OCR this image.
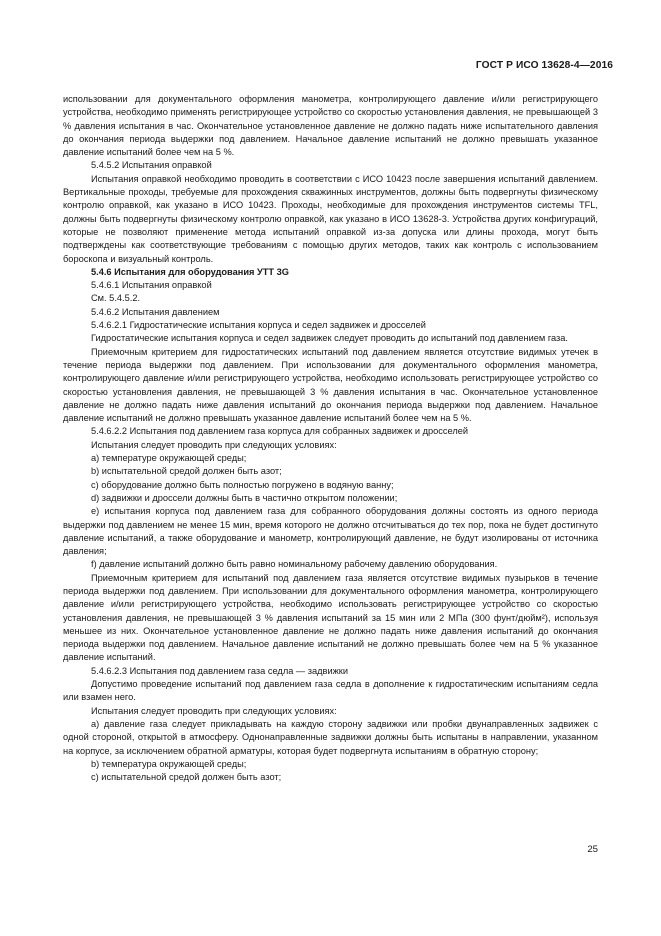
ГОСТ Р ИСО 13628-4—2016

использовании для документального оформления манометра, контролирующего давление и/или регистрирующего устройства, необходимо применять регистрирующее устройство со скоростью установления давления, не превышающей 3 % давления испытания в час. Окончательное установленное давление не должно падать ниже испытательного давления до окончания периода выдержки под давлением. Начальное давление испытаний не должно превышать указанное давление испытаний более чем на 5 %.

5.4.5.2 Испытания оправкой

Испытания оправкой необходимо проводить в соответствии с ИСО 10423 после завершения испытаний давлением. Вертикальные проходы, требуемые для прохождения скважинных инструментов, должны быть подвергнуты физическому контролю оправкой, как указано в ИСО 10423. Проходы, необходимые для прохождения инструментов системы TFL, должны быть подвергнуты физическому контролю оправкой, как указано в ИСО 13628-3. Устройства других конфигураций, которые не позволяют применение метода испытаний оправкой из-за допуска или длины прохода, могут быть подтверждены как соответствующие требованиям с помощью других методов, таких как контроль с использованием бороскопа и визуальный контроль.

5.4.6 Испытания для оборудования УТТ 3G

5.4.6.1 Испытания оправкой

См. 5.4.5.2.

5.4.6.2 Испытания давлением

5.4.6.2.1 Гидростатические испытания корпуса и седел задвижек и дросселей

Гидростатические испытания корпуса и седел задвижек следует проводить до испытаний под давлением газа.

Приемочным критерием для гидростатических испытаний под давлением является отсутствие видимых утечек в течение периода выдержки под давлением. При использовании для документального оформления манометра, контролирующего давление и/или регистрирующего устройства, необходимо использовать регистрирующее устройство со скоростью установления давления, не превышающей 3 % давления испытания в час. Окончательное установленное давление не должно падать ниже давления испытаний до окончания периода выдержки под давлением. Начальное давление испытаний не должно превышать указанное давление испытаний более чем на 5 %.

5.4.6.2.2 Испытания под давлением газа корпуса для собранных задвижек и дросселей

Испытания следует проводить при следующих условиях:

a) температуре окружающей среды;

b) испытательной средой должен быть азот;

c) оборудование должно быть полностью погружено в водяную ванну;

d) задвижки и дроссели должны быть в частично открытом положении;

e) испытания корпуса под давлением газа для собранного оборудования должны состоять из одного периода выдержки под давлением не менее 15 мин, время которого не должно отсчитываться до тех пор, пока не будет достигнуто давление испытаний, а также оборудование и манометр, контролирующий давление, не будут изолированы от источника давления;

f) давление испытаний должно быть равно номинальному рабочему давлению оборудования.

Приемочным критерием для испытаний под давлением газа является отсутствие видимых пузырьков в течение периода выдержки под давлением. При использовании для документального оформления манометра, контролирующего давление и/или регистрирующего устройства, необходимо использовать регистрирующее устройство со скоростью установления давления, не превышающей 3 % давления испытаний за 15 мин или 2 МПа (300 фунт/дюйм²), используя меньшее из них. Окончательное установленное давление не должно падать ниже давления испытаний до окончания периода выдержки под давлением. Начальное давление испытаний не должно превышать более чем на 5 % указанное давление испытаний.

5.4.6.2.3 Испытания под давлением газа седла — задвижки

Допустимо проведение испытаний под давлением газа седла в дополнение к гидростатическим испытаниям седла или взамен него.

Испытания следует проводить при следующих условиях:

a) давление газа следует прикладывать на каждую сторону задвижки или пробки двунаправленных задвижек с одной стороной, открытой в атмосферу. Однонаправленные задвижки должны быть испытаны в направлении, указанном на корпусе, за исключением обратной арматуры, которая будет подвергнута испытаниям в обратную сторону;

b) температура окружающей среды;

c) испытательной средой должен быть азот;

25
